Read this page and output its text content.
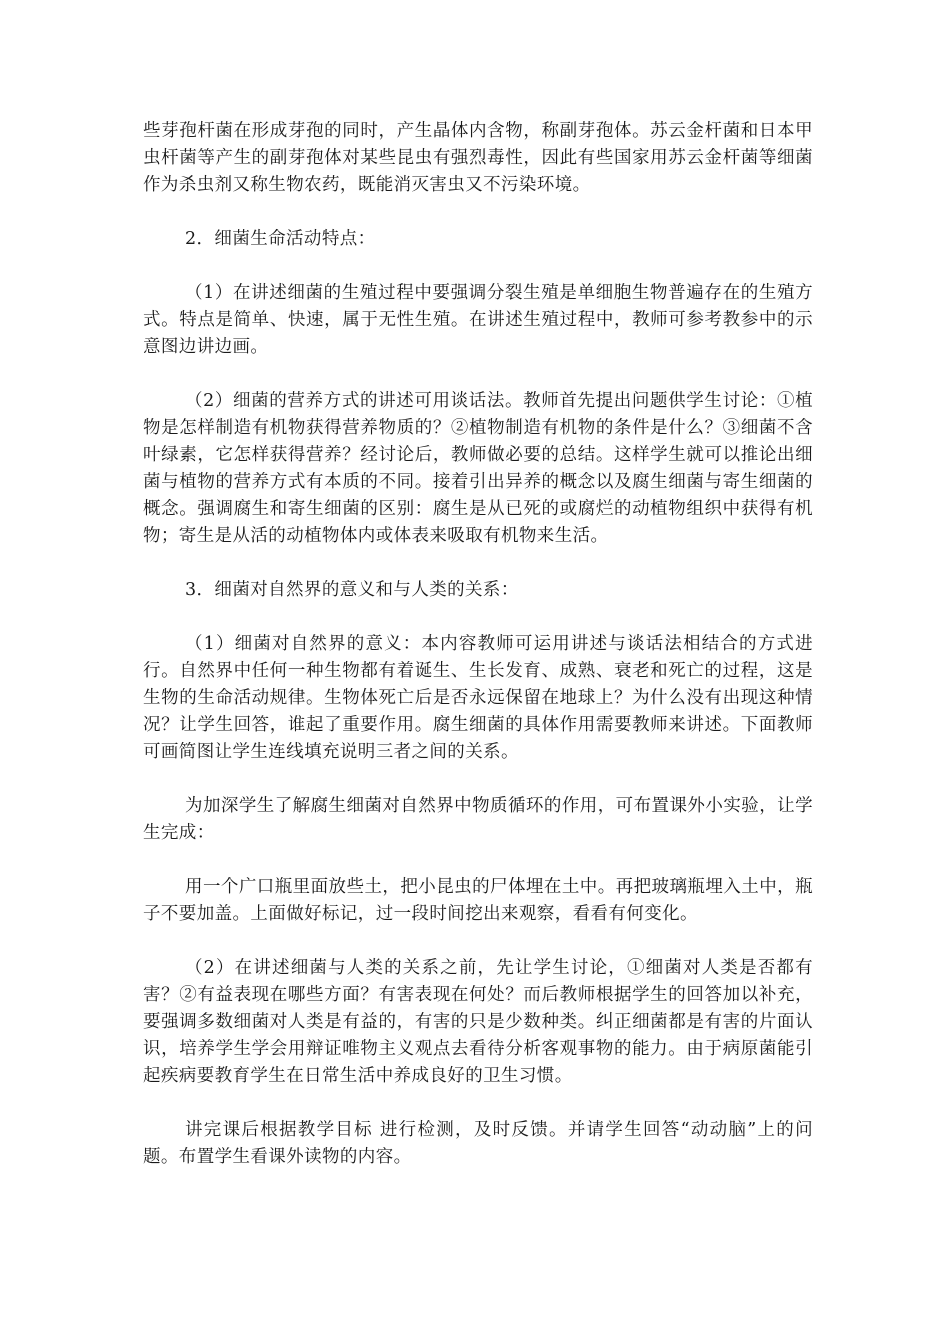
些芽孢杆菌在形成芽孢的同时，产生晶体内含物，称副芽孢体。苏云金杆菌和日本甲虫杆菌等产生的副芽孢体对某些昆虫有强烈毒性，因此有些国家用苏云金杆菌等细菌作为杀虫剂又称生物农药，既能消灭害虫又不污染环境。

2．细菌生命活动特点：

（1）在讲述细菌的生殖过程中要强调分裂生殖是单细胞生物普遍存在的生殖方式。特点是简单、快速，属于无性生殖。在讲述生殖过程中，教师可参考教参中的示意图边讲边画。

（2）细菌的营养方式的讲述可用谈话法。教师首先提出问题供学生讨论：①植物是怎样制造有机物获得营养物质的？②植物制造有机物的条件是什么？③细菌不含叶绿素，它怎样获得营养？经讨论后，教师做必要的总结。这样学生就可以推论出细菌与植物的营养方式有本质的不同。接着引出异养的概念以及腐生细菌与寄生细菌的概念。强调腐生和寄生细菌的区别：腐生是从已死的或腐烂的动植物组织中获得有机物；寄生是从活的动植物体内或体表来吸取有机物来生活。

3．细菌对自然界的意义和与人类的关系：

（1）细菌对自然界的意义：本内容教师可运用讲述与谈话法相结合的方式进行。自然界中任何一种生物都有着诞生、生长发育、成熟、衰老和死亡的过程，这是生物的生命活动规律。生物体死亡后是否永远保留在地球上？为什么没有出现这种情况？让学生回答，谁起了重要作用。腐生细菌的具体作用需要教师来讲述。下面教师可画简图让学生连线填充说明三者之间的关系。

为加深学生了解腐生细菌对自然界中物质循环的作用，可布置课外小实验，让学生完成：

用一个广口瓶里面放些土，把小昆虫的尸体埋在土中。再把玻璃瓶埋入土中，瓶子不要加盖。上面做好标记，过一段时间挖出来观察，看看有何变化。

（2）在讲述细菌与人类的关系之前，先让学生讨论，①细菌对人类是否都有害？②有益表现在哪些方面？有害表现在何处？而后教师根据学生的回答加以补充，要强调多数细菌对人类是有益的，有害的只是少数种类。纠正细菌都是有害的片面认识，培养学生学会用辩证唯物主义观点去看待分析客观事物的能力。由于病原菌能引起疾病要教育学生在日常生活中养成良好的卫生习惯。

讲完课后根据教学目标 进行检测，及时反馈。并请学生回答“动动脑”上的问题。布置学生看课外读物的内容。
